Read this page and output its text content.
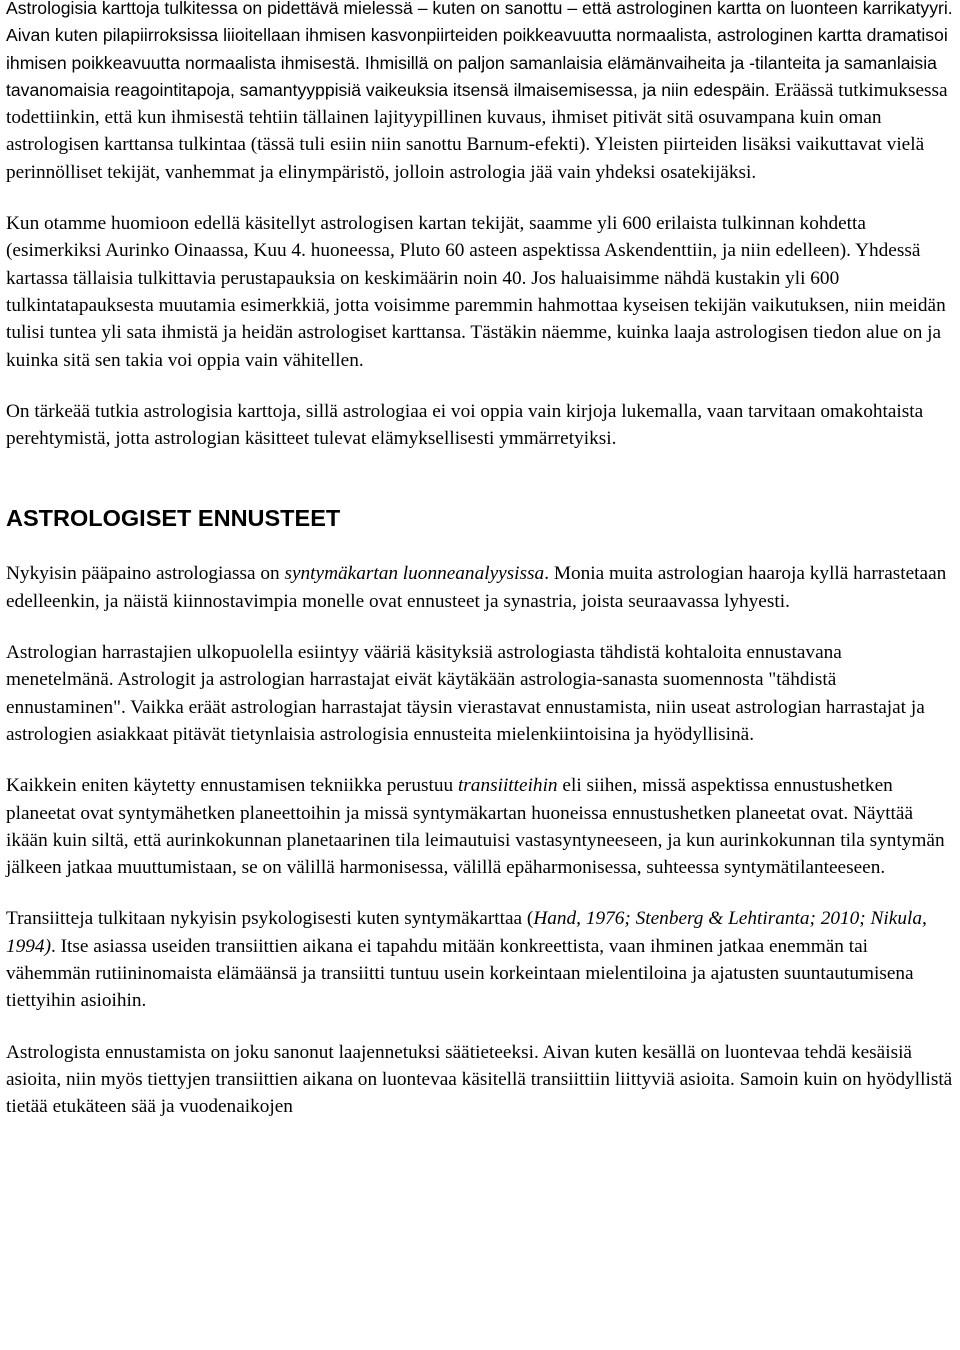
Astrologisia karttoja tulkitessa on pidettävä mielessä – kuten on sanottu – että astrologinen kartta on luonteen karrikatyyri. Aivan kuten pilapiirroksissa liioitellaan ihmisen kasvonpiirteiden poikkeavuutta normaalista, astrologinen kartta dramatisoi ihmisen poikkeavuutta normaalista ihmisestä. Ihmisillä on paljon samanlaisia elämänvaiheita ja -tilanteita ja samanlaisia tavanomaisia reagointitapoja, samantyyppisiä vaikeuksia itsensä ilmaisemisessa, ja niin edespäin. Eräässä tutkimuksessa todettiinkin, että kun ihmisestä tehtiin tällainen lajityypillinen kuvaus, ihmiset pitivät sitä osuvampana kuin oman astrologisen karttansa tulkintaa (tässä tuli esiin niin sanottu Barnum-efekti). Yleisten piirteiden lisäksi vaikuttavat vielä perinnölliset tekijät, vanhemmat ja elinympäristö, jolloin astrologia jää vain yhdeksi osatekijäksi.

Kun otamme huomioon edellä käsitellyt astrologisen kartan tekijät, saamme yli 600 erilaista tulkinnan kohdetta (esimerkiksi Aurinko Oinaassa, Kuu 4. huoneessa, Pluto 60 asteen aspektissa Askendenttiin, ja niin edelleen). Yhdessä kartassa tällaisia tulkittavia perustapauksia on keskimäärin noin 40. Jos haluaisimme nähdä kustakin yli 600 tulkintatapauksesta muutamia esimerkkiä, jotta voisimme paremmin hahmottaa kyseisen tekijän vaikutuksen, niin meidän tulisi tuntea yli sata ihmistä ja heidän astrologiset karttansa. Tästäkin näemme, kuinka laaja astrologisen tiedon alue on ja kuinka sitä sen takia voi oppia vain vähitellen.

On tärkeää tutkia astrologisia karttoja, sillä astrologiaa ei voi oppia vain kirjoja lukemalla, vaan tarvitaan omakohtaista perehtymistä, jotta astrologian käsitteet tulevat elämyksellisesti ymmärretyiksi.

ASTROLOGISET ENNUSTEET

Nykyisin pääpaino astrologiassa on syntymäkartan luonneanalyysissa. Monia muita astrologian haaroja kyllä harrastetaan edelleenkin, ja näistä kiinnostavimpia monelle ovat ennusteet ja synastria, joista seuraavassa lyhyesti.

Astrologian harrastajien ulkopuolella esiintyy vääriä käsityksiä astrologiasta tähdistä kohtaloita ennustavana menetelmänä. Astrologit ja astrologian harrastajat eivät käytäkään astrologia-sanasta suomennosta "tähdistä ennustaminen". Vaikka eräät astrologian harrastajat täysin vierastavat ennustamista, niin useat astrologian harrastajat ja astrologien asiakkaat pitävät tietynlaisia astrologisia ennusteita mielenkiintoisina ja hyödyllisinä.

Kaikkein eniten käytetty ennustamisen tekniikka perustuu transiitteihin eli siihen, missä aspektissa ennustushetken planeetat ovat syntymähetken planeettoihin ja missä syntymäkartan huoneissa ennustushetken planeetat ovat. Näyttää ikään kuin siltä, että aurinkokunnan planetaarinen tila leimautuisi vastasyntyneeseen, ja kun aurinkokunnan tila syntymän jälkeen jatkaa muuttumistaan, se on välillä harmonisessa, välillä epäharmonisessa, suhteessa syntymätilanteeseen.

Transiitteja tulkitaan nykyisin psykologisesti kuten syntymäkarttaa (Hand, 1976; Stenberg & Lehtiranta; 2010; Nikula, 1994). Itse asiassa useiden transiittien aikana ei tapahdu mitään konkreettista, vaan ihminen jatkaa enemmän tai vähemmän rutiininomaista elämäänsä ja transiitti tuntuu usein korkeintaan mielentiloina ja ajatusten suuntautumisena tiettyihin asioihin.

Astrologista ennustamista on joku sanonut laajennetuksi säätieteeksi. Aivan kuten kesällä on luontevaa tehdä kesäisiä asioita, niin myös tiettyjen transiittien aikana on luontevaa käsitellä transiittiin liittyviä asioita. Samoin kuin on hyödyllistä tietää etukäteen sää ja vuodenaikojen
